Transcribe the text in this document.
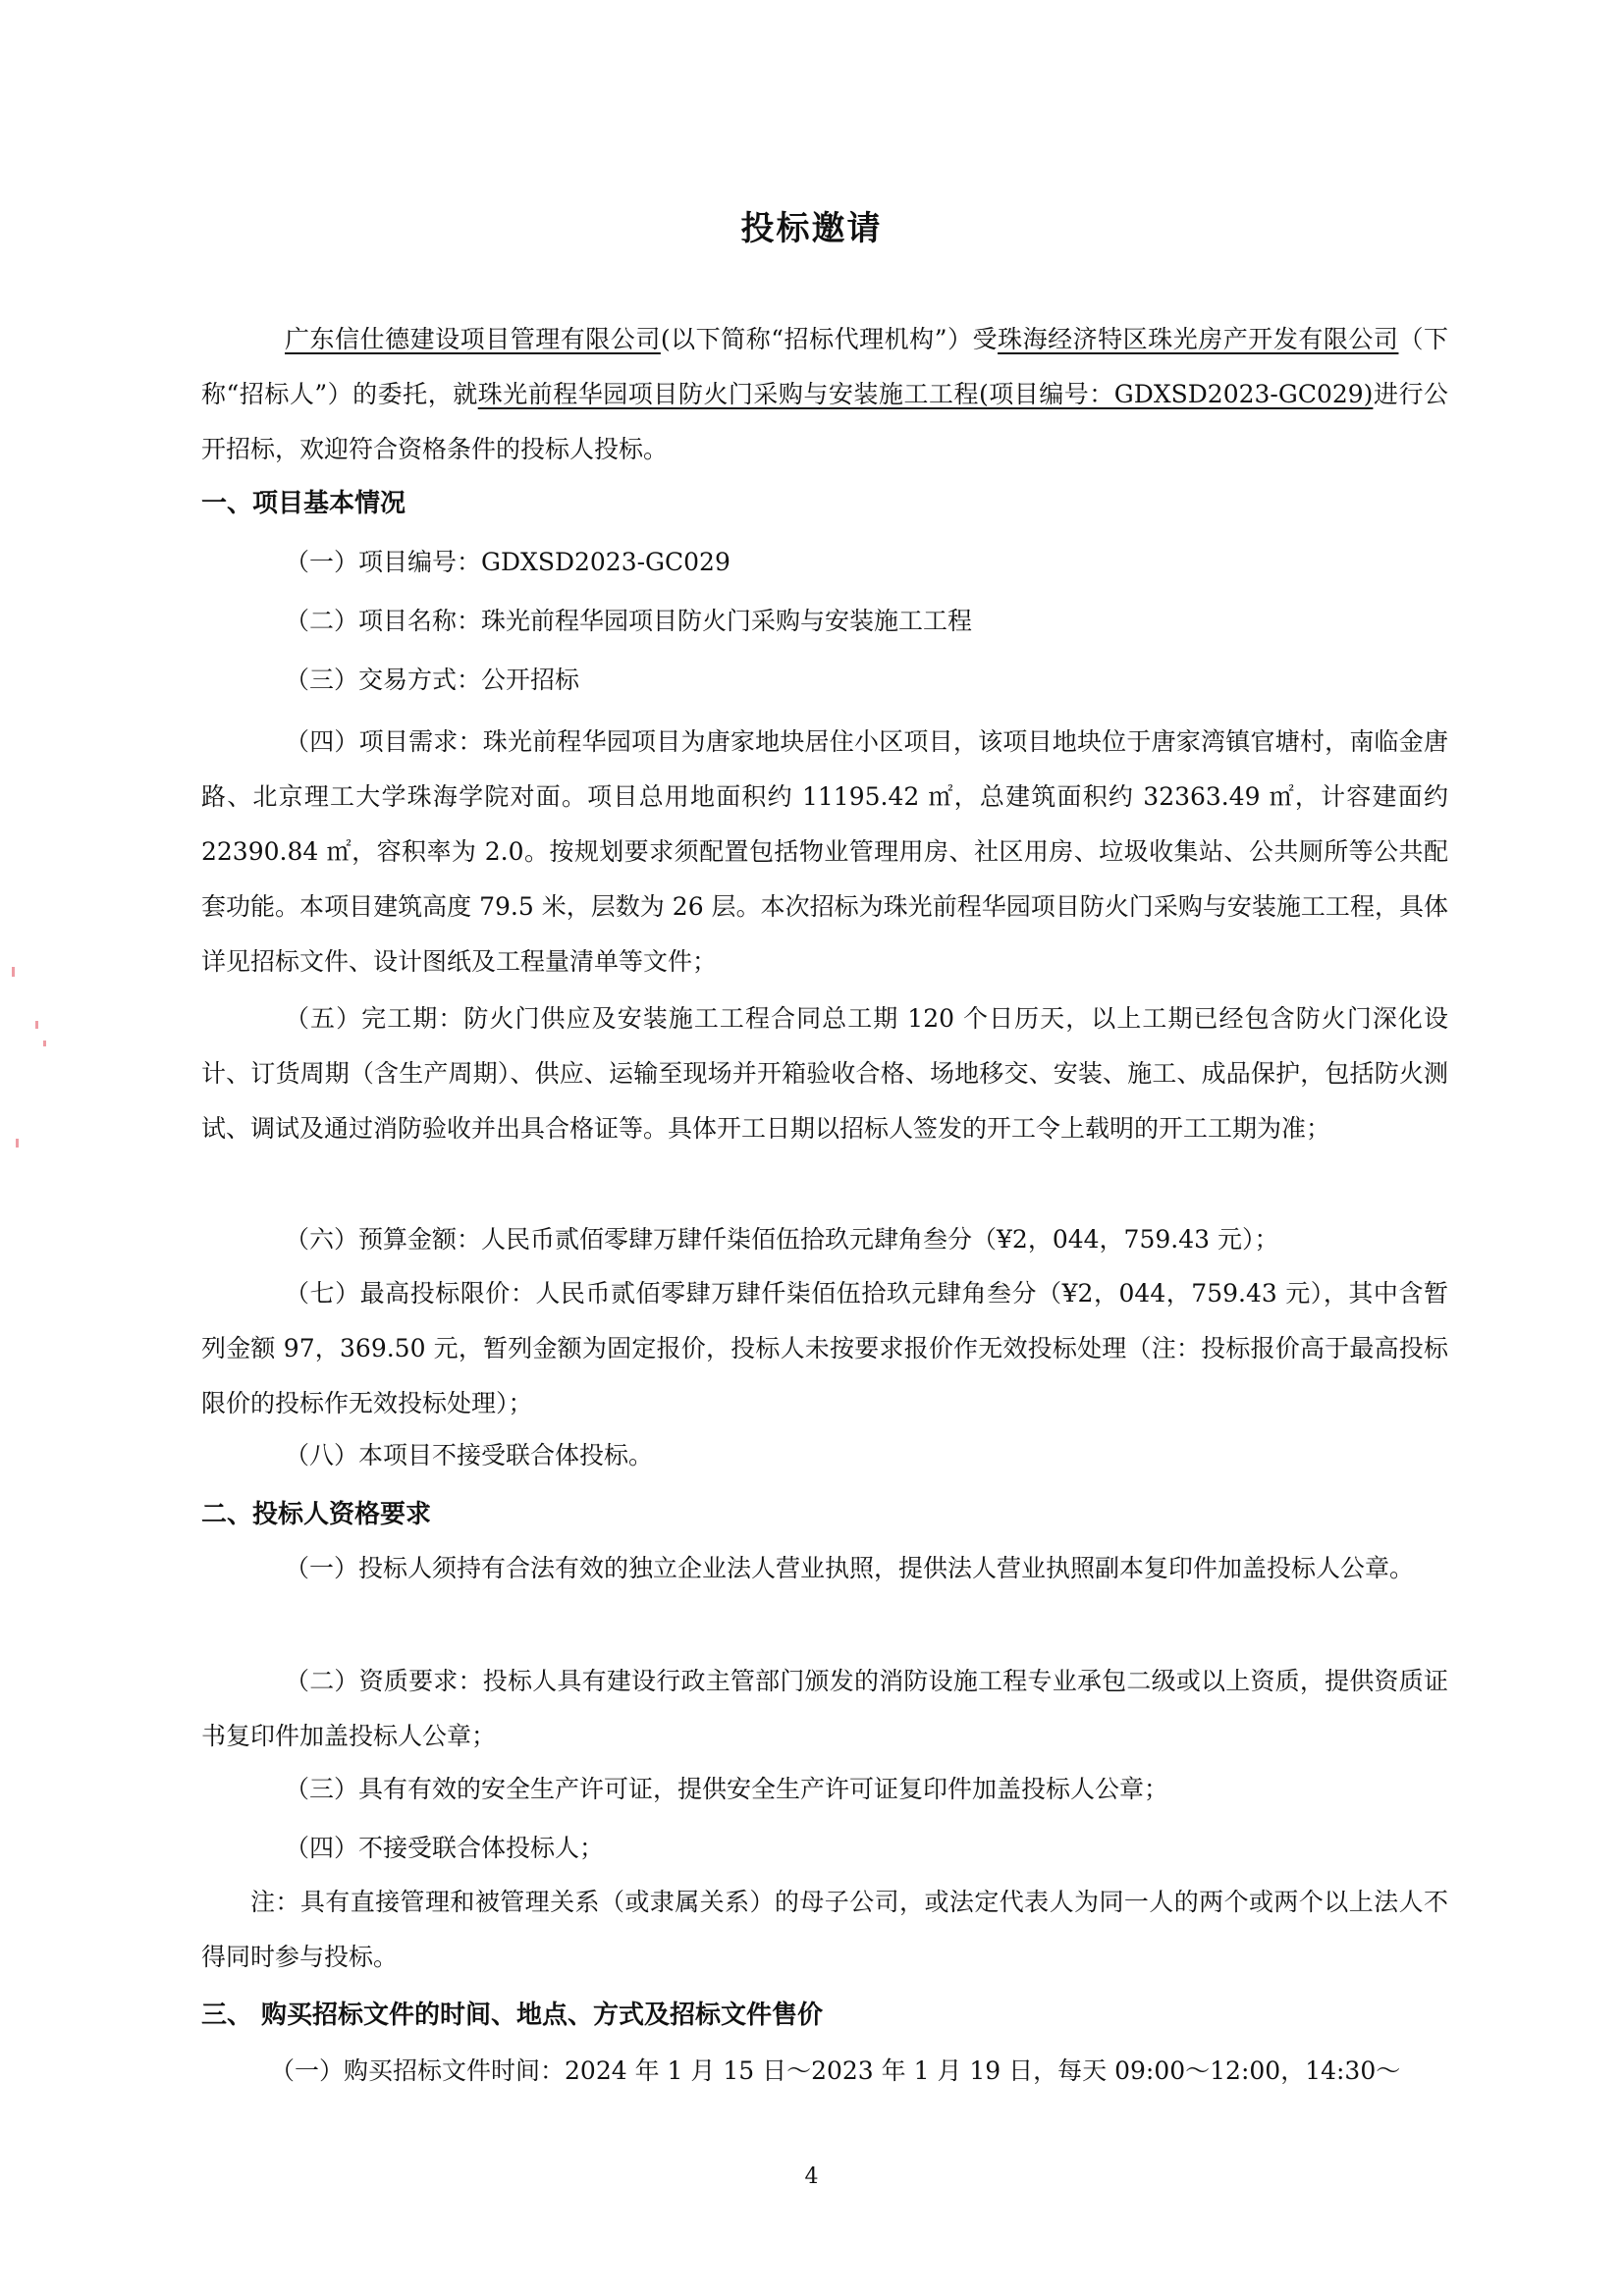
投标邀请
广东信仕德建设项目管理有限公司(以下简称“招标代理机构”）受珠海经济特区珠光房产开发有限公司（下称“招标人”）的委托，就珠光前程华园项目防火门采购与安装施工工程(项目编号：GDXSD2023-GC029)进行公开招标，欢迎符合资格条件的投标人投标。
一、项目基本情况
（一）项目编号：GDXSD2023-GC029
（二）项目名称：珠光前程华园项目防火门采购与安装施工工程
（三）交易方式：公开招标
（四）项目需求：珠光前程华园项目为唐家地块居住小区项目，该项目地块位于唐家湾镇官塘村，南临金唐路、北京理工大学珠海学院对面。项目总用地面积约 11195.42 ㎡，总建筑面积约 32363.49 ㎡，计容建面约 22390.84 ㎡，容积率为 2.0。按规划要求须配置包括物业管理用房、社区用房、垃圾收集站、公共厕所等公共配套功能。本项目建筑高度 79.5 米，层数为 26 层。本次招标为珠光前程华园项目防火门采购与安装施工工程，具体详见招标文件、设计图纸及工程量清单等文件；
（五）完工期：防火门供应及安装施工工程合同总工期 120 个日历天，以上工期已经包含防火门深化设计、订货周期（含生产周期）、供应、运输至现场并开箱验收合格、场地移交、安装、施工、成品保护，包括防火测试、调试及通过消防验收并出具合格证等。具体开工日期以招标人签发的开工令上载明的开工工期为准；
（六）预算金额：人民币贰佰零肆万肆仟柒佰伍拾玖元肆角叁分（¥2，044，759.43 元）；
（七）最高投标限价：人民币贰佰零肆万肆仟柒佰伍拾玖元肆角叁分（¥2，044，759.43 元），其中含暂列金额 97，369.50 元，暂列金额为固定报价，投标人未按要求报价作无效投标处理（注：投标报价高于最高投标限价的投标作无效投标处理）；
（八）本项目不接受联合体投标。
二、投标人资格要求
（一）投标人须持有合法有效的独立企业法人营业执照，提供法人营业执照副本复印件加盖投标人公章。
（二）资质要求：投标人具有建设行政主管部门颁发的消防设施工程专业承包二级或以上资质，提供资质证书复印件加盖投标人公章；
（三）具有有效的安全生产许可证，提供安全生产许可证复印件加盖投标人公章；
（四）不接受联合体投标人；
注：具有直接管理和被管理关系（或隶属关系）的母子公司，或法定代表人为同一人的两个或两个以上法人不得同时参与投标。
三、 购买招标文件的时间、地点、方式及招标文件售价
（一）购买招标文件时间：2024 年 1 月 15 日～2023 年 1 月 19 日，每天 09:00～12:00，14:30～
4
